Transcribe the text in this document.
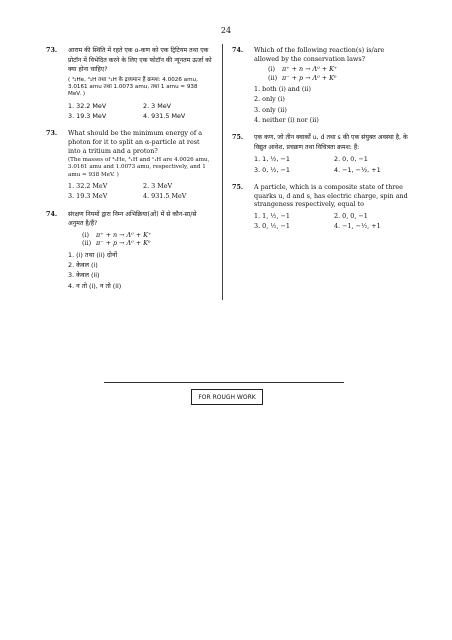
24
73. आराम की स्थिति में रहते एक α-कण को एक ट्रिटियम तथा एक प्रोटॉन में विभेदित करने के लिए एक फोटॉन की न्यूनतम ऊर्जा को क्या होना चाहिए?
( ⁴₂He, ³₁H तथा ¹₁H के द्रव्यमान हैं क्रमश: 4.0026 amu, 3.0161 amu तथा 1.0073 amu, तथा 1 amu ≈ 938 MeV. )
1. 32.2 MeV	2. 3 MeV
3. 19.3 MeV	4. 931.5 MeV
73. What should be the minimum energy of a photon for it to split an α-particle at rest into a tritium and a proton?
(The masses of ⁴₂He, ³₁H and ¹₁H are 4.0026 amu, 3.0161 amu and 1.0073 amu, respectively, and 1 amu ≈ 938 MeV. )
1. 32.2 MeV	2. 3 MeV
3. 19.3 MeV	4. 931.5 MeV
74. संरक्षण नियमों द्वारा निम्न अभिक्रिया(ओं) में से कौन-सा/से अनुमत है/हैं?
(i) π⁺ + n → Λ⁰ + K⁺
(ii) π⁻ + p → Λ⁰ + K⁰
1. (i) तथा (ii) दोनों
2. केवल (i)
3. केवल (ii)
4. न तो (i), न तो (ii)
74. Which of the following reaction(s) is/are allowed by the conservation laws?
(i) π⁺ + n → Λ⁰ + K⁺
(ii) π⁻ + p → Λ⁰ + K⁰
1. both (i) and (ii)
2. only (i)
3. only (ii)
4. neither (i) nor (ii)
75. एक कण, जो तीन क्वार्कों u, d तथा s की एक संयुक्त अवस्था है, के विद्युत आवेश, प्रचक्रण तथा विचित्रता क्रमश: हैं:
1. 1, ½, −1	2. 0, 0, −1
3. 0, ½, −1	4. −1, −½, +1
75. A particle, which is a composite state of three quarks u, d and s, has electric charge, spin and strangeness respectively, equal to
1. 1, ½, −1	2. 0, 0, −1
3. 0, ½, −1	4. −1, −½, +1
FOR ROUGH WORK
